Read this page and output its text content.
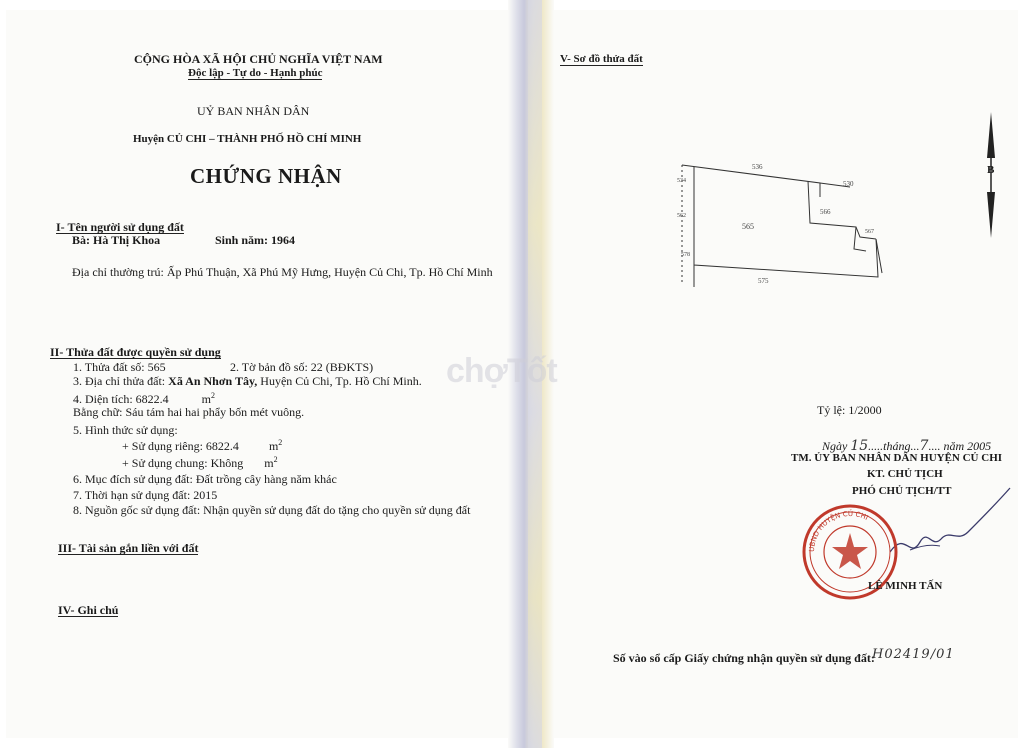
CỘNG HÒA XÃ HỘI CHỦ NGHĨA VIỆT NAM
Độc lập - Tự do - Hạnh phúc
UỶ BAN NHÂN DÂN
Huyện CỦ CHI – THÀNH PHỐ HỒ CHÍ MINH
CHỨNG NHẬN
I- Tên người sử dụng đất
Bà: Hà Thị Khoa	Sinh năm: 1964
Địa chỉ thường trú: Ấp Phú Thuận, Xã Phú Mỹ Hưng, Huyện Củ Chi, Tp. Hồ Chí Minh
II- Thửa đất được quyền sử dụng
1. Thửa đất số: 565	2. Tờ bản đồ số: 22 (BĐKTS)
3. Địa chỉ thửa đất: Xã An Nhơn Tây, Huyện Củ Chi, Tp. Hồ Chí Minh.
4. Diện tích: 6822.4	$m^2$
Bằng chữ: Sáu tám hai hai phẩy bốn mét vuông.
5. Hình thức sử dụng:
+ Sử dụng riêng: 6822.4	$m^2$
+ Sử dụng chung: Không $m^2$
6. Mục đích sử dụng đất: Đất trồng cây hàng năm khác
7. Thời hạn sử dụng đất: 2015
8. Nguồn gốc sử dụng đất: Nhận quyền sử dụng đất do tặng cho quyền sử dụng đất
III- Tài sản gắn liền với đất
IV- Ghi chú
chợTốt
V- Sơ đồ thửa đất
B
536
530
566
565
567
575
578
562
534
Tỷ lệ: 1/2000
Ngày 15.....tháng...7.... năm 2005
TM. ỦY BAN NHÂN DÂN HUYỆN CỦ CHI
KT. CHỦ TỊCH
PHÓ CHỦ TỊCH/TT
UBND HUYỆN CỦ CHI
LÊ MINH TẤN
Số vào sổ cấp Giấy chứng nhận quyền sử dụng đất:
H02419/01
